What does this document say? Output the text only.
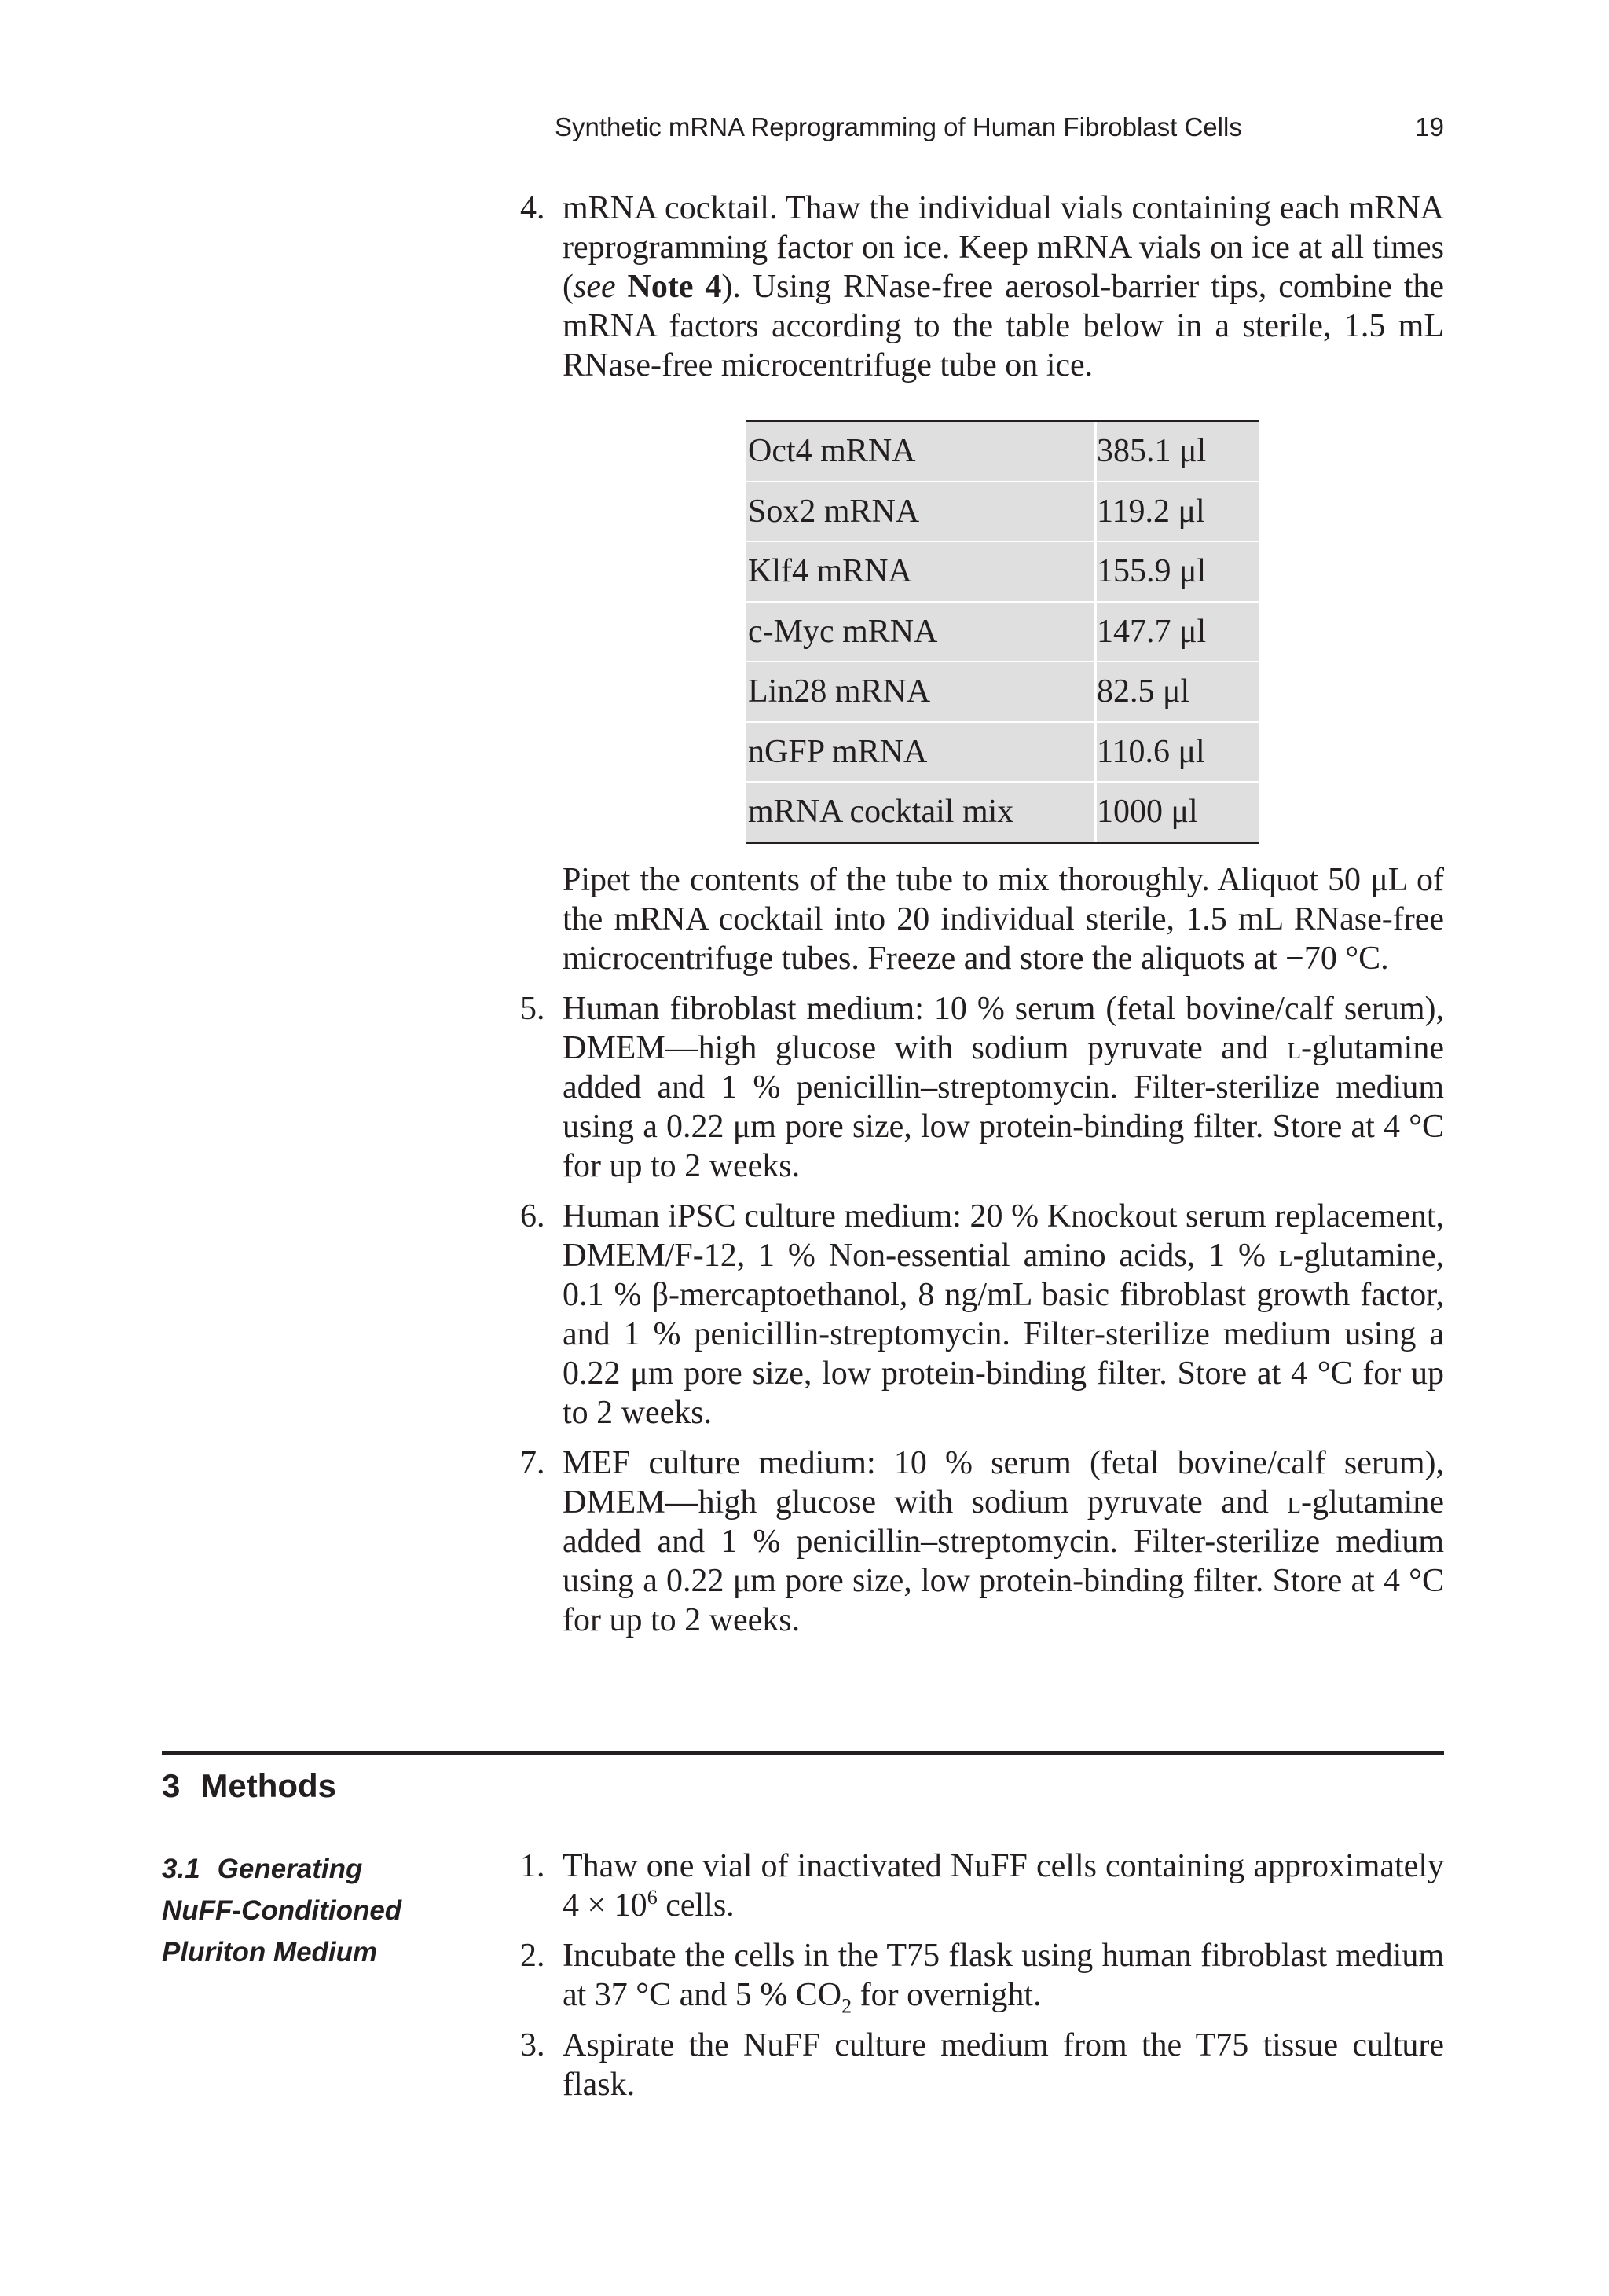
Synthetic mRNA Reprogramming of Human Fibroblast Cells	19
4. mRNA cocktail. Thaw the individual vials containing each mRNA reprogramming factor on ice. Keep mRNA vials on ice at all times (see Note 4). Using RNase-free aerosol-barrier tips, combine the mRNA factors according to the table below in a sterile, 1.5 mL RNase-free microcentrifuge tube on ice.
Oct4 mRNA	385.1 μl
Sox2 mRNA	119.2 μl
Klf4 mRNA	155.9 μl
c-Myc mRNA	147.7 μl
Lin28 mRNA	82.5 μl
nGFP mRNA	110.6 μl
mRNA cocktail mix	1000 μl
Pipet the contents of the tube to mix thoroughly. Aliquot 50 μL of the mRNA cocktail into 20 individual sterile, 1.5 mL RNase-free microcentrifuge tubes. Freeze and store the aliquots at −70 °C.
5. Human fibroblast medium: 10 % serum (fetal bovine/calf serum), DMEM—high glucose with sodium pyruvate and l-glutamine added and 1 % penicillin–streptomycin. Filter-sterilize medium using a 0.22 μm pore size, low protein-binding filter. Store at 4 °C for up to 2 weeks.
6. Human iPSC culture medium: 20 % Knockout serum replacement, DMEM/F-12, 1 % Non-essential amino acids, 1 % l-glutamine, 0.1 % β-mercaptoethanol, 8 ng/mL basic fibroblast growth factor, and 1 % penicillin-streptomycin. Filter-sterilize medium using a 0.22 μm pore size, low protein-binding filter. Store at 4 °C for up to 2 weeks.
7. MEF culture medium: 10 % serum (fetal bovine/calf serum), DMEM—high glucose with sodium pyruvate and l-glutamine added and 1 % penicillin–streptomycin. Filter-sterilize medium using a 0.22 μm pore size, low protein-binding filter. Store at 4 °C for up to 2 weeks.
3 Methods
3.1 Generating NuFF-Conditioned Pluriton Medium
1. Thaw one vial of inactivated NuFF cells containing approximately $4 \times 10^6$ cells.
2. Incubate the cells in the T75 flask using human fibroblast medium at 37 °C and 5 % $CO_2$ for overnight.
3. Aspirate the NuFF culture medium from the T75 tissue culture flask.
